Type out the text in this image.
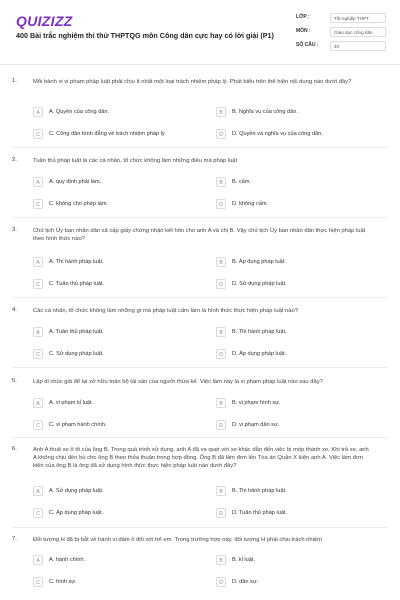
QUIZIZZ
400 Bài trắc nghiệm thi thử THPTQG môn Công dân cực hay có lời giải (P1)
LỚP :	Tốt nghiệp THPT
MÔN :	Giáo dục công dân
SỐ CÂU :	40
1.	Mỗi hành vi vi phạm pháp luật phải chịu ít nhất một loại trách nhiệm pháp lý. Phát biểu trên thể hiện nội dung nào dưới đây?
A	A. Quyền của công dân.	B	B. Nghĩa vụ của công dân.
C	C. Công dân bình đẳng về trách nhiệm pháp lý.	D	D. Quyền và nghĩa vụ của công dân.
2.	Tuân thủ pháp luật là các cá nhân, tổ chức không làm những điều mà pháp luật
A	A. quy định phải làm.	B	B. cấm.
C	C. không cho phép làm.	D	D. không cấm.
3.	Chủ tịch Ủy ban nhân dân xã cấp giấy chứng nhận kết hôn cho anh A và chị B. Vậy chủ tịch Ủy ban nhân dân thực hiện pháp luật theo hình thức nào?
A	A. Thi hành pháp luật.	B	B. Áp dụng pháp luật.
C	C. Tuân thủ pháp luật.	D	D. Sử dụng pháp luật.
4.	Các cá nhân, tổ chức không làm những gì mà pháp luật cấm làm là hình thức thực hiện pháp luật nào?
A	A. Tuân thủ pháp luật.	B	B. Thi hành pháp luật.
C	C. Sử dụng pháp luật.	D	D. Áp dụng pháp luật.
5.	Lập di chúc giả để lại sở hữu toàn bộ tài sản của người thừa kế. Việc làm này là vi phạm pháp luật nào sau đây?
A	A. vi phạm kỉ luật.	B	B. vi phạm hình sự.
C	C. vi phạm hành chính.	D	D. vi phạm dân sự.
6.	Anh A thuê xe ô tô của ông B. Trong quá trình sử dụng, anh A đã va quẹt với xe khác dẫn đến việc bị móp thành xe. Khi trả xe, anh A không chịu đền bù cho ông B theo thỏa thuận trong hợp đồng. Ông B đã làm đơn lên Tòa án Quận X kiện anh A. Việc làm đơn kiện của ông B là ông đã sử dụng hình thức thực hiện pháp luật nào dưới đây?
A	A. Sử dụng pháp luật.	B	B. Thi hành pháp luật.
C	C. Áp dụng pháp luật.	D	D. Tuân thủ pháp luật.
7.	Đối tượng H đã bị bắt về hành vi dâm ô đối với trẻ em. Trong trường hợp này, đối tượng H phải chịu trách nhiệm
A	A. hành chính.	B	B. kỉ luật.
C	C. hình sự.	D	D. dân sự.
